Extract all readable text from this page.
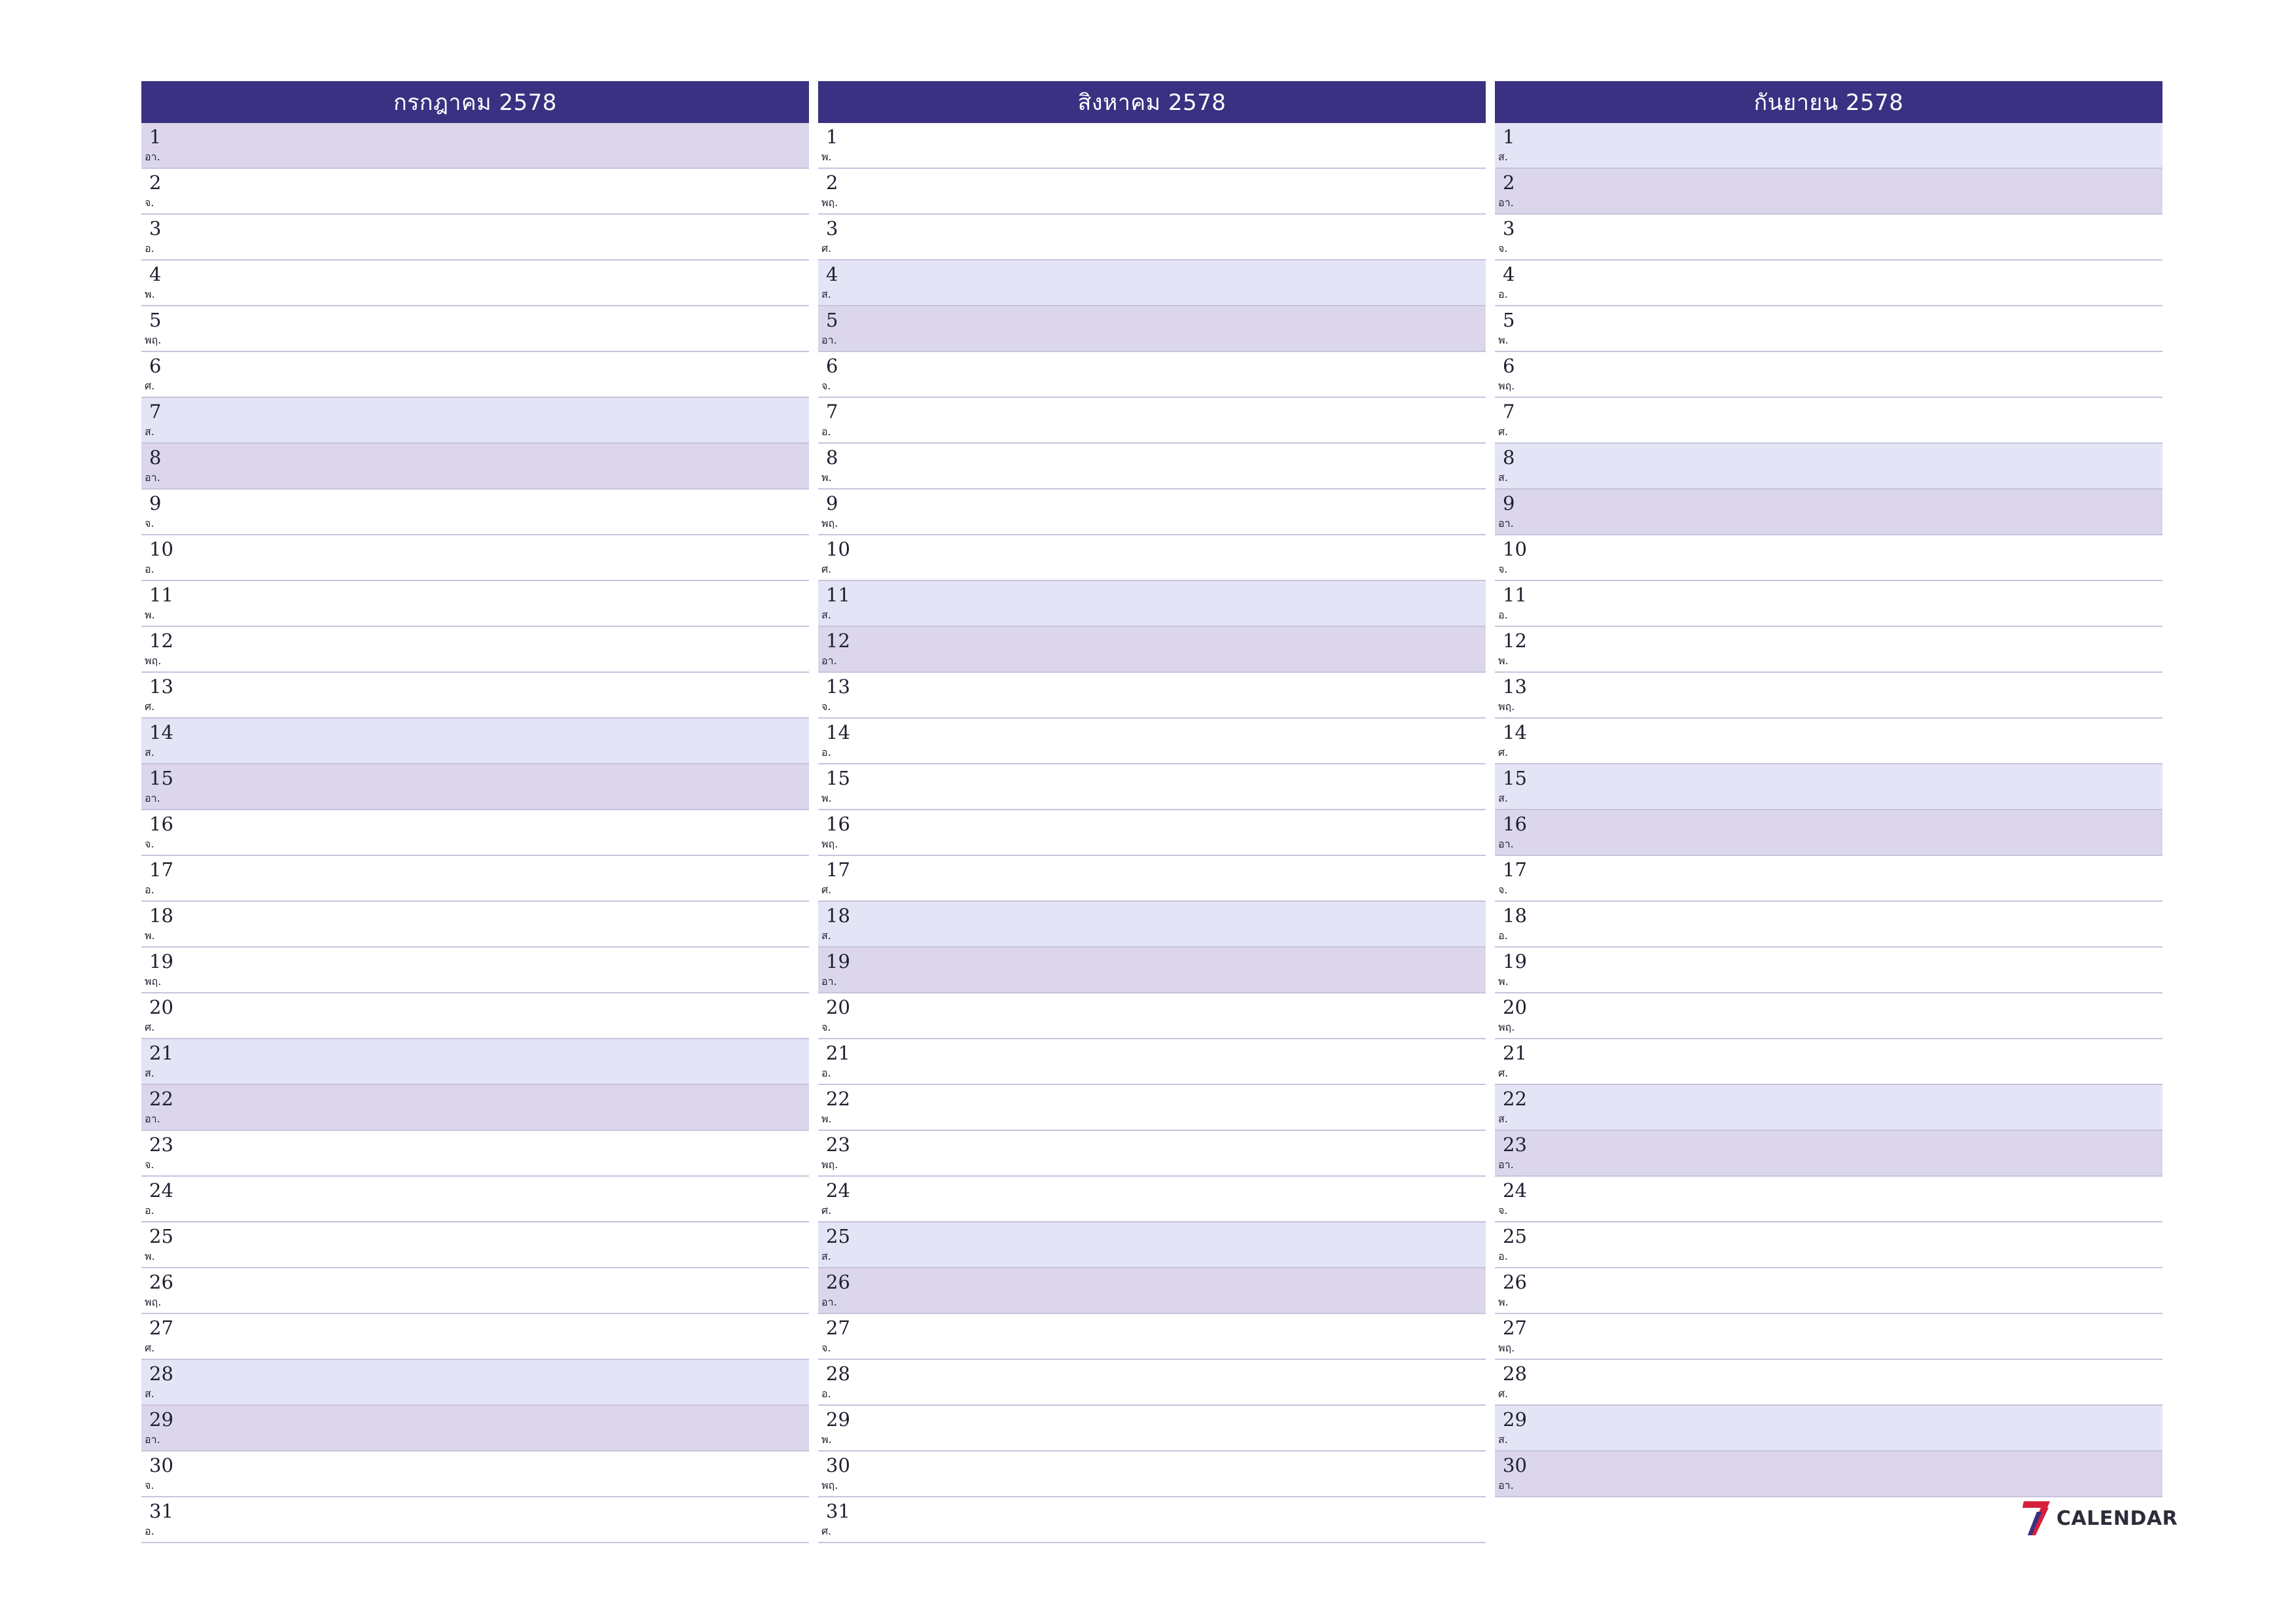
กรกฎาคม 2578
1
อา.
2
จ.
3
อ.
4
พ.
5
พฤ.
6
ศ.
7
ส.
8
อา.
9
จ.
10
อ.
11
พ.
12
พฤ.
13
ศ.
14
ส.
15
อา.
16
จ.
17
อ.
18
พ.
19
พฤ.
20
ศ.
21
ส.
22
อา.
23
จ.
24
อ.
25
พ.
26
พฤ.
27
ศ.
28
ส.
29
อา.
30
จ.
31
อ.
สิงหาคม 2578
1
พ.
2
พฤ.
3
ศ.
4
ส.
5
อา.
6
จ.
7
อ.
8
พ.
9
พฤ.
10
ศ.
11
ส.
12
อา.
13
จ.
14
อ.
15
พ.
16
พฤ.
17
ศ.
18
ส.
19
อา.
20
จ.
21
อ.
22
พ.
23
พฤ.
24
ศ.
25
ส.
26
อา.
27
จ.
28
อ.
29
พ.
30
พฤ.
31
ศ.
กันยายน 2578
1
ส.
2
อา.
3
จ.
4
อ.
5
พ.
6
พฤ.
7
ศ.
8
ส.
9
อา.
10
จ.
11
อ.
12
พ.
13
พฤ.
14
ศ.
15
ส.
16
อา.
17
จ.
18
อ.
19
พ.
20
พฤ.
21
ศ.
22
ส.
23
อา.
24
จ.
25
อ.
26
พ.
27
พฤ.
28
ศ.
29
ส.
30
อา.
CALENDAR
